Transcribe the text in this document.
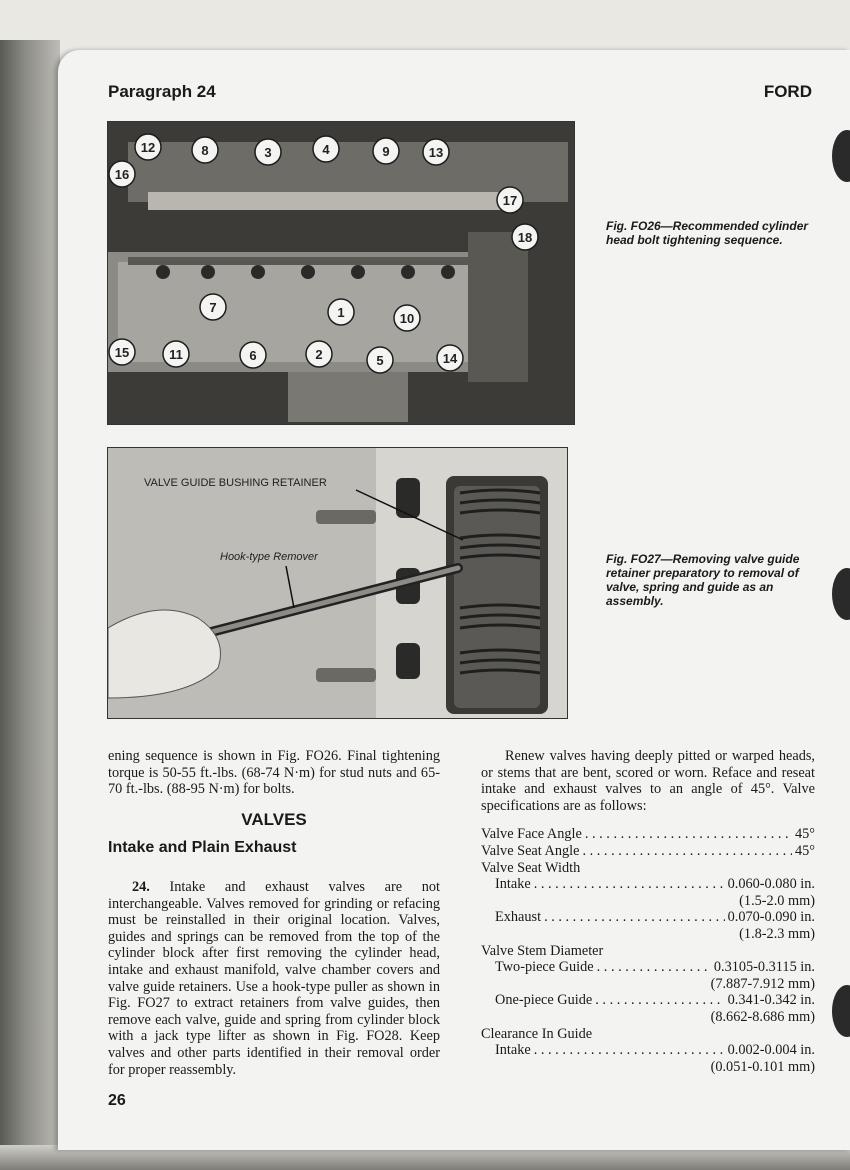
Paragraph 24	FORD
12	8	3	4	9	13
16
17
18
7	1	10
15	11	6	2	5	14
Fig. FO26—Recommended cylinder head bolt tightening sequence.
VALVE GUIDE BUSHING RETAINER
Hook-type Remover	Fig. FO27—Removing valve guide retainer preparatory to removal of valve, spring and guide as an assembly.

ening sequence is shown in Fig. FO26. Final tightening torque is 50-55 ft.-lbs. (68-74 N·m) for stud nuts and 65-70 ft.-lbs. (88-95 N·m) for bolts.

VALVES

Intake and Plain Exhaust

24. Intake and exhaust valves are not interchangeable. Valves removed for grinding or refacing must be reinstalled in their original location. Valves, guides and springs can be removed from the top of the cylinder block after first removing the cylinder head, intake and exhaust manifold, valve chamber covers and valve guide retainers. Use a hook-type puller as shown in Fig. FO27 to extract retainers from valve guides, then remove each valve, guide and spring from cylinder block with a jack type lifter as shown in Fig. FO28. Keep valves and other parts identified in their removal order for proper reassembly.

Renew valves having deeply pitted or warped heads, or stems that are bent, scored or worn. Reface and reseat intake and exhaust valves to an angle of 45°. Valve specifications are as follows:

Valve Face Angle . . .	45°
Valve Seat Angle . . .	45°
Valve Seat Width
Intake . . .	0.060-0.080 in.
(1.5-2.0 mm)
Exhaust . . .	0.070-0.090 in.
(1.8-2.3 mm)
Valve Stem Diameter
Two-piece Guide . . .	0.3105-0.3115 in.
(7.887-7.912 mm)
One-piece Guide . . .	0.341-0.342 in.
(8.662-8.686 mm)
Clearance In Guide
Intake . . .	0.002-0.004 in.
(0.051-0.101 mm)
26
